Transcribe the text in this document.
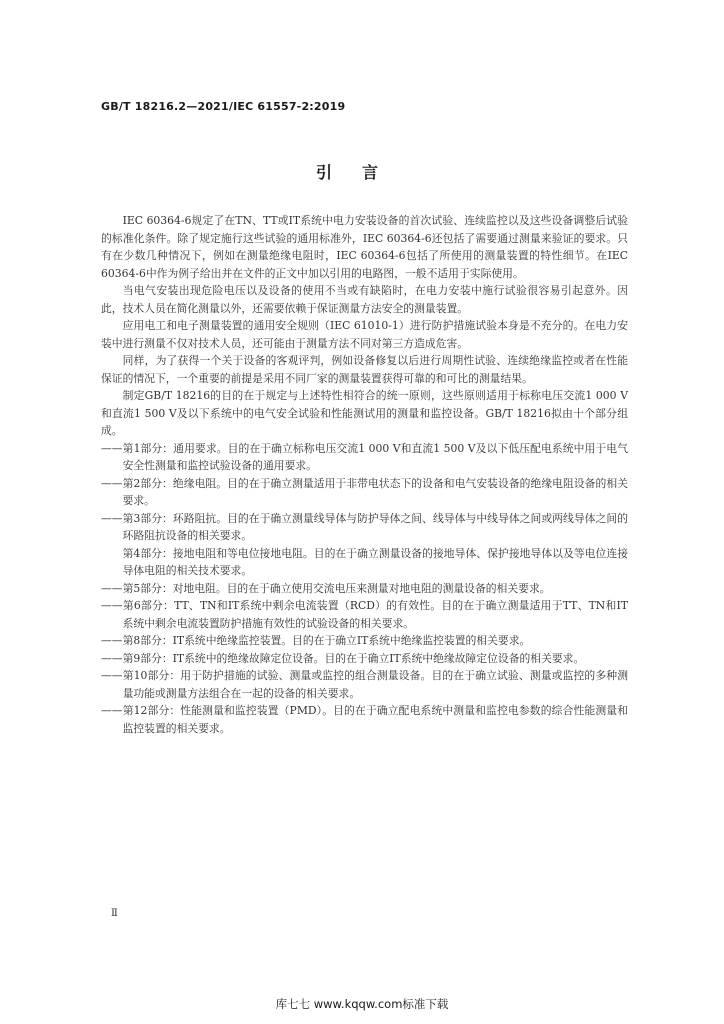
GB/T 18216.2—2021/IEC 61557-2:2019
引言

IEC 60364-6规定了在TN、TT或IT系统中电力安装设备的首次试验、连续监控以及这些设备调整后试验的标准化条件。除了规定施行这些试验的通用标准外，IEC 60364-6还包括了需要通过测量来验证的要求。只有在少数几种情况下，例如在测量绝缘电阻时，IEC 60364-6包括了所使用的测量装置的特性细节。在IEC 60364-6中作为例子给出并在文件的正文中加以引用的电路图，一般不适用于实际使用。

当电气安装出现危险电压以及设备的使用不当或有缺陷时，在电力安装中施行试验很容易引起意外。因此，技术人员在简化测量以外，还需要依赖于保证测量方法安全的测量装置。

应用电工和电子测量装置的通用安全规则（IEC 61010-1）进行防护措施试验本身是不充分的。在电力安装中进行测量不仅对技术人员，还可能由于测量方法不同对第三方造成危害。

同样，为了获得一个关于设备的客观评判，例如设备修复以后进行周期性试验、连续绝缘监控或者在性能保证的情况下，一个重要的前提是采用不同厂家的测量装置获得可靠的和可比的测量结果。

制定GB/T 18216的目的在于规定与上述特性相符合的统一原则，这些原则适用于标称电压交流1 000 V和直流1 500 V及以下系统中的电气安全试验和性能测试用的测量和监控设备。GB/T 18216拟由十个部分组成。

——第1部分：通用要求。目的在于确立标称电压交流1 000 V和直流1 500 V及以下低压配电系统中用于电气安全性测量和监控试验设备的通用要求。

——第2部分：绝缘电阻。目的在于确立测量适用于非带电状态下的设备和电气安装设备的绝缘电阻设备的相关要求。

——第3部分：环路阻抗。目的在于确立测量线导体与防护导体之间、线导体与中线导体之间或两线导体之间的环路阻抗设备的相关要求。

第4部分：接地电阻和等电位接地电阻。目的在于确立测量设备的接地导体、保护接地导体以及等电位连接导体电阻的相关技术要求。

——第5部分：对地电阻。目的在于确立使用交流电压来测量对地电阻的测量设备的相关要求。

——第6部分：TT、TN和IT系统中剩余电流装置（RCD）的有效性。目的在于确立测量适用于TT、TN和IT系统中剩余电流装置防护措施有效性的试验设备的相关要求。

——第8部分：IT系统中绝缘监控装置。目的在于确立IT系统中绝缘监控装置的相关要求。

——第9部分：IT系统中的绝缘故障定位设备。目的在于确立IT系统中绝缘故障定位设备的相关要求。

——第10部分：用于防护措施的试验、测量或监控的组合测量设备。目的在于确立试验、测量或监控的多种测量功能或测量方法组合在一起的设备的相关要求。

——第12部分：性能测量和监控装置（PMD）。目的在于确立配电系统中测量和监控电参数的综合性能测量和监控装置的相关要求。

Ⅱ
库七七 www.kqqw.com标准下载
